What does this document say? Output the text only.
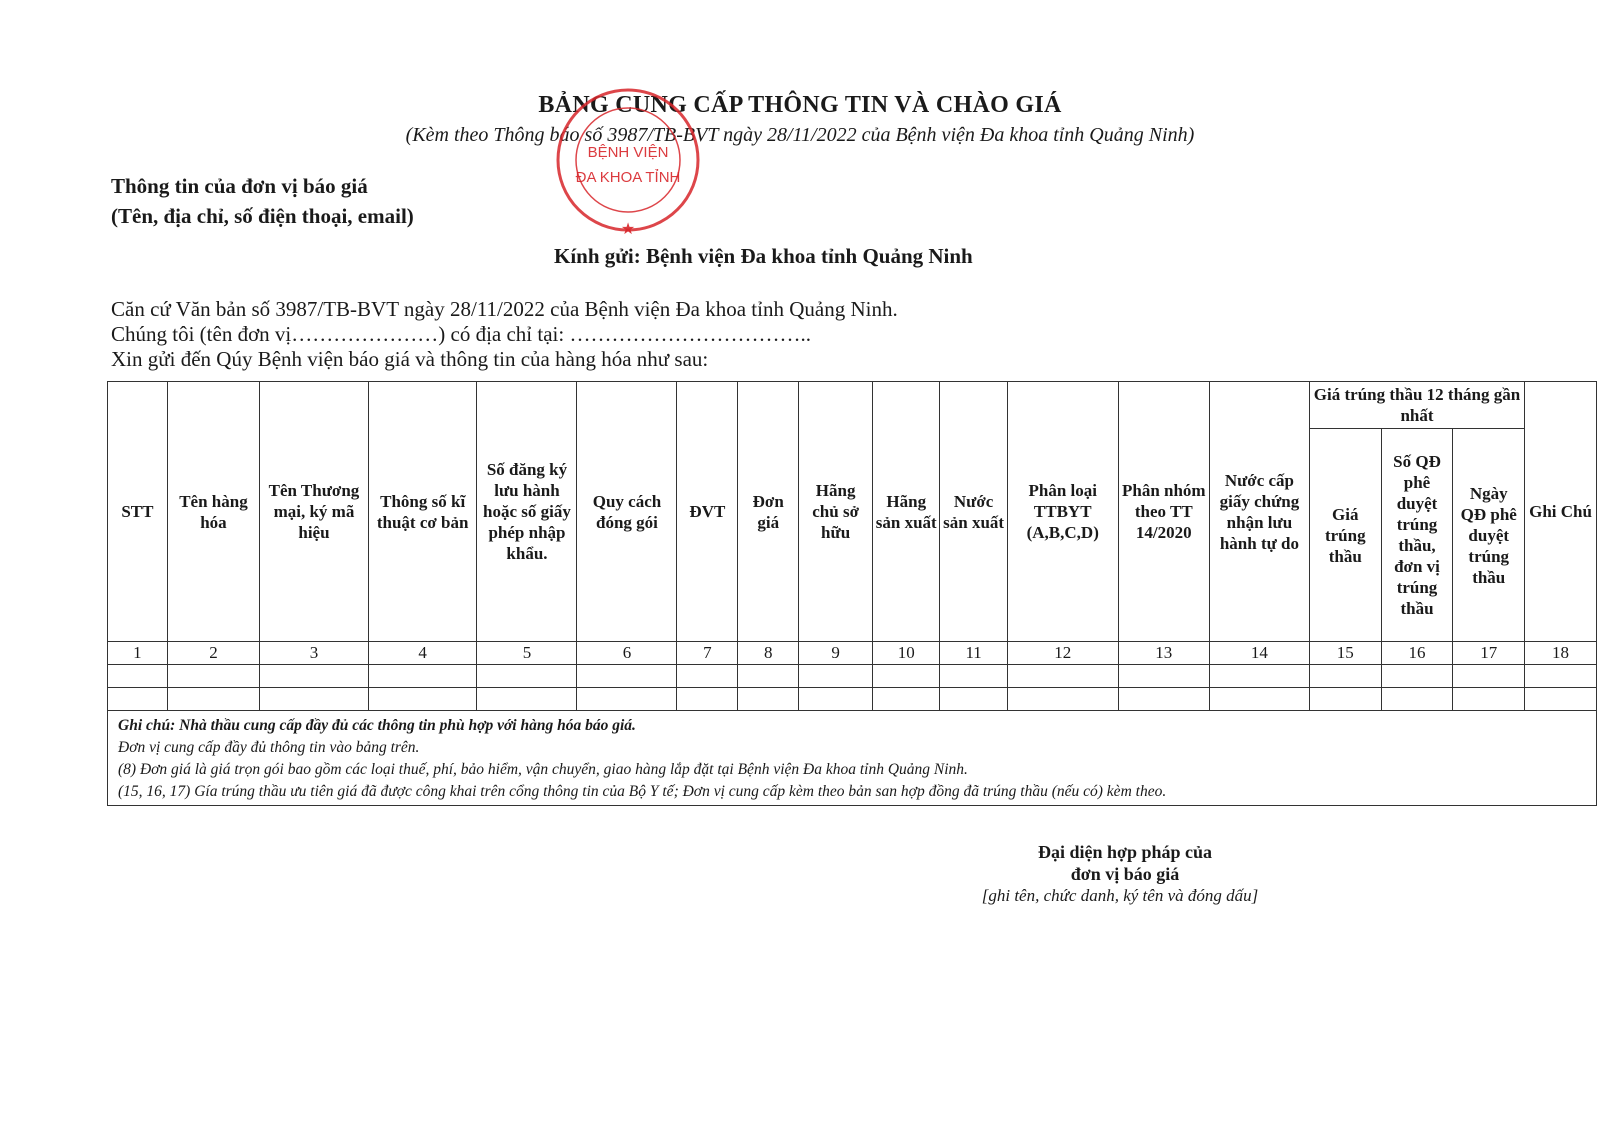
BẢNG CUNG CẤP THÔNG TIN VÀ CHÀO GIÁ
(Kèm theo Thông báo số 3987/TB-BVT ngày 28/11/2022 của Bệnh viện Đa khoa tỉnh Quảng Ninh)
BỆNH VIỆN
ĐA KHOA TỈNH
★
Thông tin của đơn vị báo giá
(Tên, địa chỉ, số điện thoại, email)
Kính gửi: Bệnh viện Đa khoa tỉnh Quảng Ninh
Căn cứ Văn bản số 3987/TB-BVT ngày 28/11/2022 của Bệnh viện Đa khoa tỉnh Quảng Ninh.
Chúng tôi (tên đơn vị…………………) có địa chỉ tại: ……………………………..
Xin gửi đến Qúy Bệnh viện báo giá và thông tin của hàng hóa như sau:
STT	Tên hàng hóa	Tên Thương mại, ký mã hiệu	Thông số kĩ thuật cơ bản	Số đăng ký lưu hành hoặc số giấy phép nhập khẩu.	Quy cách đóng gói	ĐVT	Đơn giá	Hãng chủ sở hữu	Hãng sản xuất	Nước sản xuất	Phân loại TTBYT (A,B,C,D)	Phân nhóm theo TT 14/2020	Nước cấp giấy chứng nhận lưu hành tự do	Giá trúng thầu 12 tháng gần nhất			Ghi Chú
														Giá trúng thầu	Số QĐ phê duyệt trúng thầu, đơn vị trúng thầu	Ngày QĐ phê duyệt trúng thầu	
1	2	3	4	5	6	7	8	9	10	11	12	13	14	15	16	17	18

Ghi chú: Nhà thầu cung cấp đầy đủ các thông tin phù hợp với hàng hóa báo giá.
Đơn vị cung cấp đầy đủ thông tin vào bảng trên.
(8) Đơn giá là giá trọn gói bao gồm các loại thuế, phí, bảo hiểm, vận chuyển, giao hàng lắp đặt tại Bệnh viện Đa khoa tỉnh Quảng Ninh.
(15, 16, 17) Gía trúng thầu ưu tiên giá đã được công khai trên cổng thông tin của Bộ Y tế; Đơn vị cung cấp kèm theo bản san hợp đồng đã trúng thầu (nếu có) kèm theo.																	
Đại diện hợp pháp của
đơn vị báo giá
[ghi tên, chức danh, ký tên và đóng dấu]
